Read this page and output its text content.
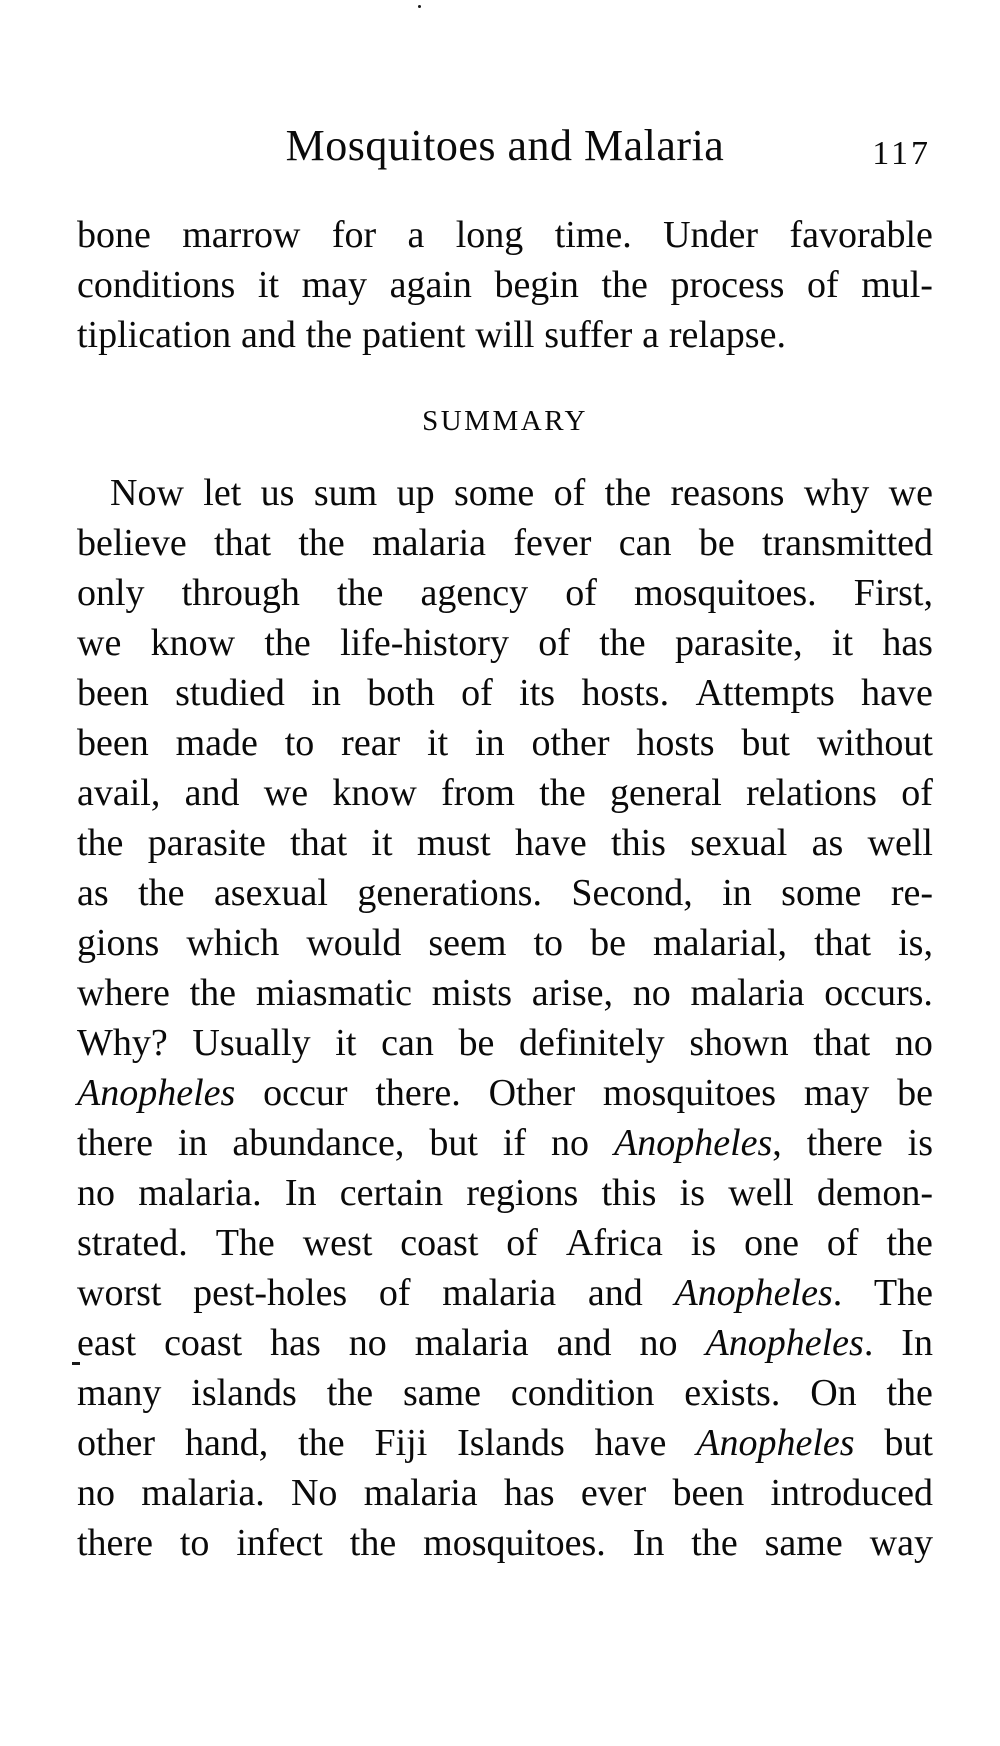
Mosquitoes and Malaria	117
bone marrow for a long time. Under favorable
conditions it may again begin the process of mul-
tiplication and the patient will suffer a relapse.
SUMMARY
Now let us sum up some of the reasons why we
believe that the malaria fever can be transmitted
only through the agency of mosquitoes. First,
we know the life-history of the parasite, it has
been studied in both of its hosts. Attempts have
been made to rear it in other hosts but without
avail, and we know from the general relations of
the parasite that it must have this sexual as well
as the asexual generations. Second, in some re-
gions which would seem to be malarial, that is,
where the miasmatic mists arise, no malaria occurs.
Why? Usually it can be definitely shown that no
Anopheles occur there. Other mosquitoes may be
there in abundance, but if no Anopheles, there is
no malaria. In certain regions this is well demon-
strated. The west coast of Africa is one of the
worst pest-holes of malaria and Anopheles. The
east coast has no malaria and no Anopheles. In
many islands the same condition exists. On the
other hand, the Fiji Islands have Anopheles but
no malaria. No malaria has ever been introduced
there to infect the mosquitoes. In the same way
